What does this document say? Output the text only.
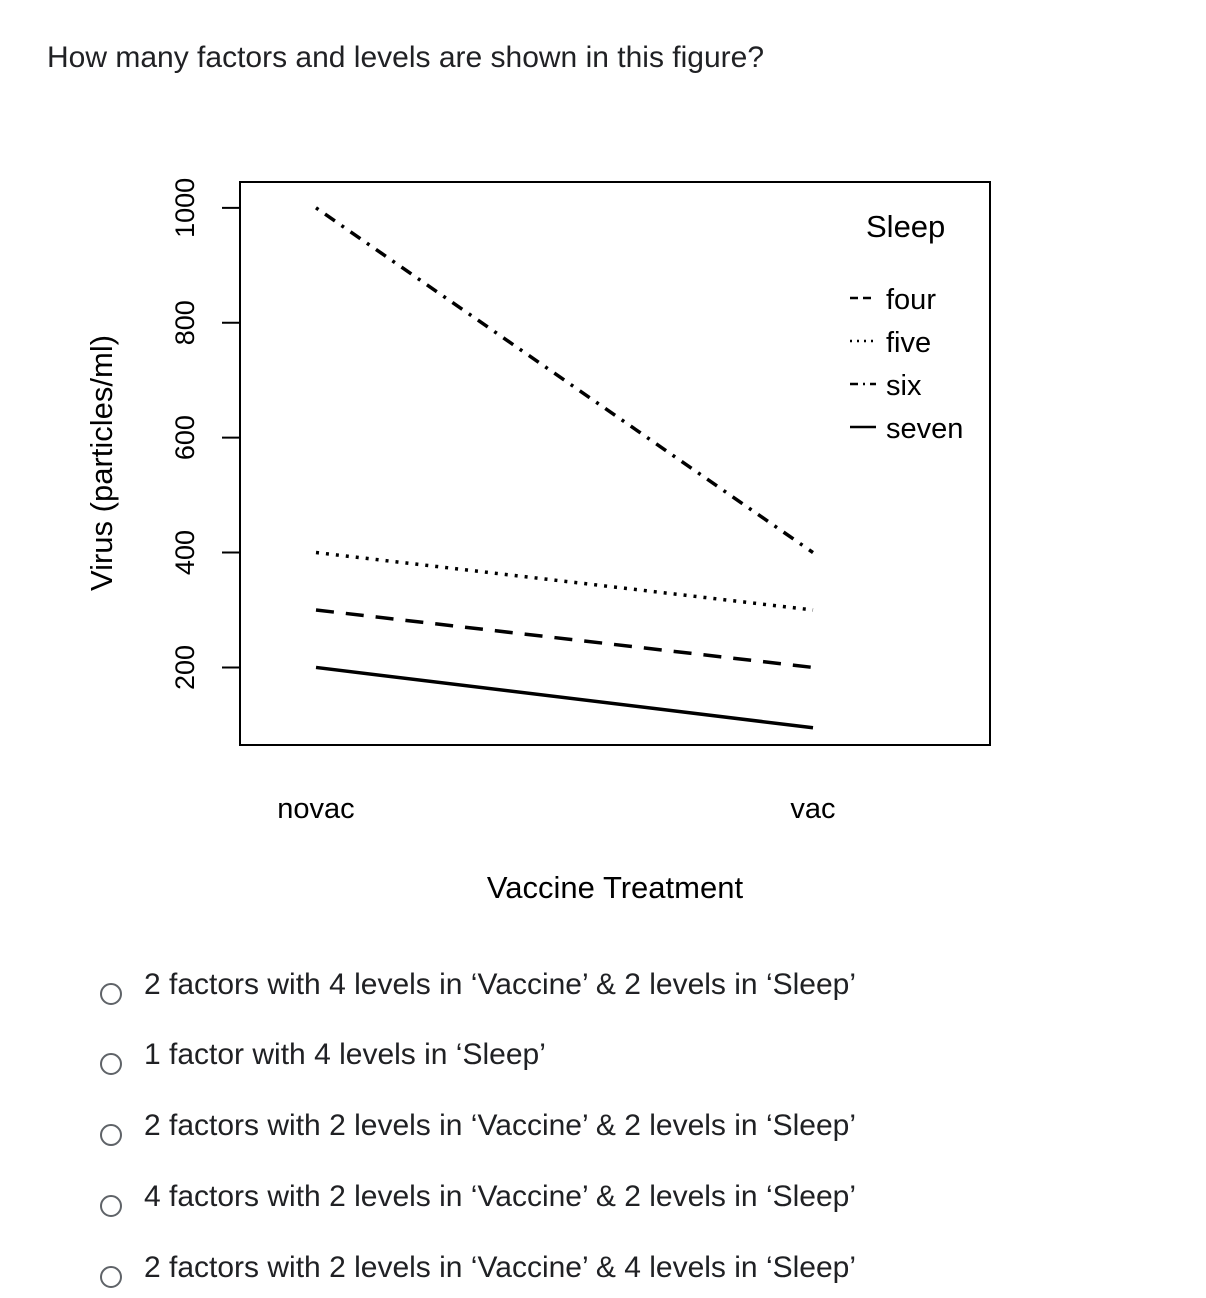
How many factors and levels are shown in this figure?
200
400
600
800
1000
novac	vac
Vaccine Treatment
Virus (particles/ml)
Sleep
four
five
six
seven
2 factors with 4 levels in ‘Vaccine’ & 2 levels in ‘Sleep’
1 factor with 4 levels in ‘Sleep’
2 factors with 2 levels in ‘Vaccine’ & 2 levels in ‘Sleep’
4 factors with 2 levels in ‘Vaccine’ & 2 levels in ‘Sleep’
2 factors with 2 levels in ‘Vaccine’ & 4 levels in ‘Sleep’
